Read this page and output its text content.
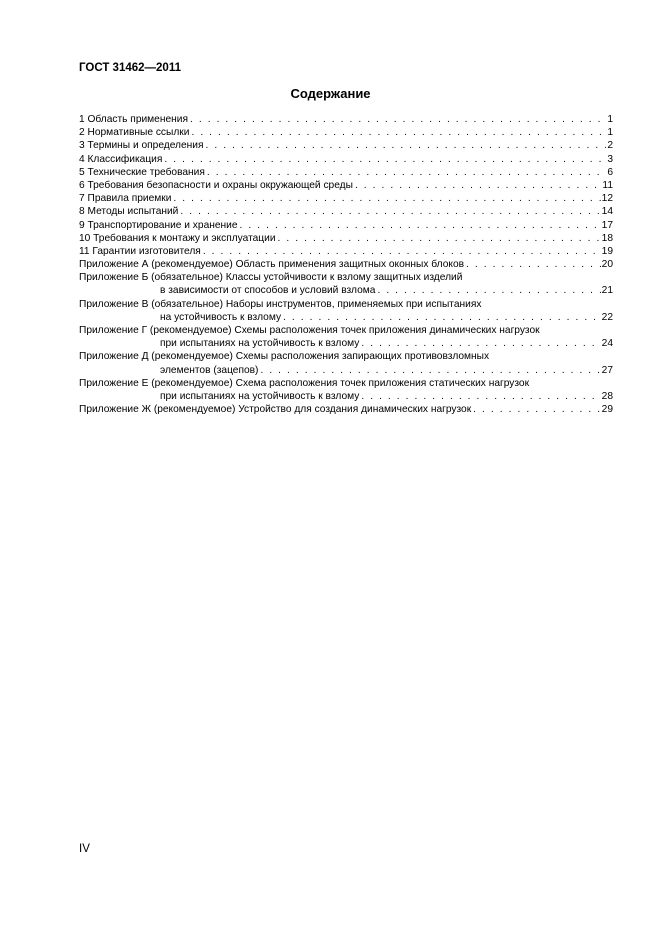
ГОСТ 31462—2011
Содержание
1 Область применения . . .	1
2 Нормативные ссылки . . .	1
3 Термины и определения . . .	2
4 Классификация . . .	3
5 Технические требования . . .	6
6 Требования безопасности и охраны окружающей среды . . .	11
7 Правила приемки . . .	12
8 Методы испытаний . . .	14
9 Транспортирование и хранение . . .	17
10 Требования к монтажу и эксплуатации . . .	18
11 Гарантии изготовителя . . .	19
Приложение А (рекомендуемое) Область применения защитных оконных блоков . . .	20
Приложение Б (обязательное) Классы устойчивости к взлому защитных изделий
в зависимости от способов и условий взлома . . .	21
Приложение В (обязательное) Наборы инструментов, применяемых при испытаниях
на устойчивость к взлому . . .	22
Приложение Г (рекомендуемое) Схемы расположения точек приложения динамических нагрузок
при испытаниях на устойчивость к взлому . . .	24
Приложение Д (рекомендуемое) Схемы расположения запирающих противовзломных
элементов (зацепов) . . .	27
Приложение Е (рекомендуемое) Схема расположения точек приложения статических нагрузок
при испытаниях на устойчивость к взлому . . .	28
Приложение Ж (рекомендуемое) Устройство для создания динамических нагрузок . . .	29
IV
